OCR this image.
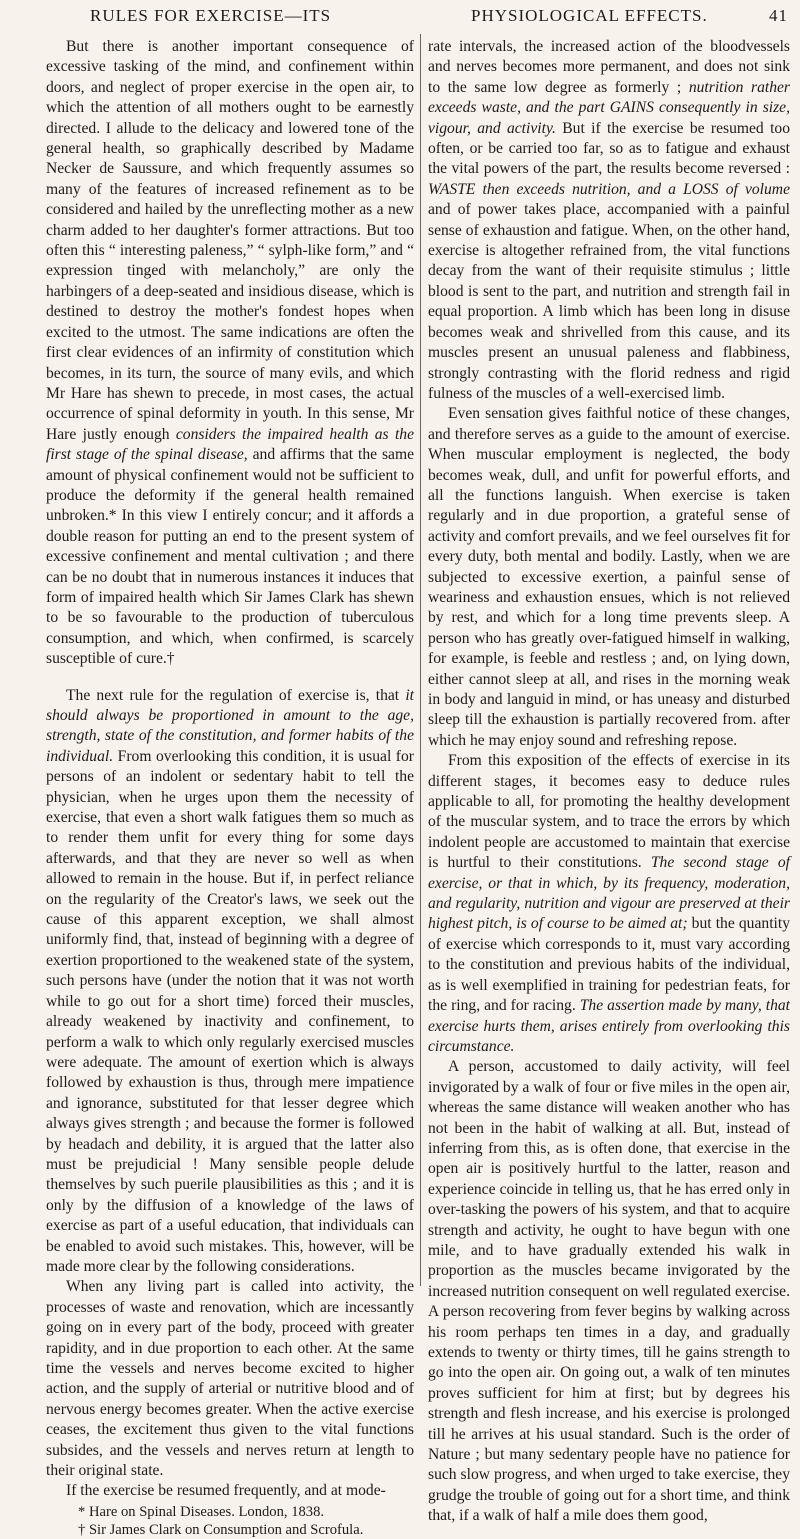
RULES FOR EXERCISE—ITS	PHYSIOLOGICAL EFFECTS.	41

But there is another important consequence of excessive tasking of the mind, and confinement within doors, and neglect of proper exercise in the open air, to which the attention of all mothers ought to be earnestly directed. I allude to the delicacy and lowered tone of the general health, so graphically described by Madame Necker de Saussure, and which frequently assumes so many of the features of increased refinement as to be considered and hailed by the unreflecting mother as a new charm added to her daughter's former attractions. But too often this “ interesting paleness,” “ sylph-like form,” and “ expression tinged with melancholy,” are only the harbingers of a deep-seated and insidious disease, which is destined to destroy the mother's fondest hopes when excited to the utmost. The same indications are often the first clear evidences of an infirmity of constitution which becomes, in its turn, the source of many evils, and which Mr Hare has shewn to precede, in most cases, the actual occurrence of spinal deformity in youth. In this sense, Mr Hare justly enough considers the impaired health as the first stage of the spinal disease, and affirms that the same amount of physical confinement would not be sufficient to produce the deformity if the general health remained unbroken.* In this view I entirely concur; and it affords a double reason for putting an end to the present system of excessive confinement and mental cultivation ; and there can be no doubt that in numerous instances it induces that form of impaired health which Sir James Clark has shewn to be so favourable to the production of tuberculous consumption, and which, when confirmed, is scarcely susceptible of cure.†

The next rule for the regulation of exercise is, that it should always be proportioned in amount to the age, strength, state of the constitution, and former habits of the individual. From overlooking this condition, it is usual for persons of an indolent or sedentary habit to tell the physician, when he urges upon them the necessity of exercise, that even a short walk fatigues them so much as to render them unfit for every thing for some days afterwards, and that they are never so well as when allowed to remain in the house. But if, in perfect reliance on the regularity of the Creator's laws, we seek out the cause of this apparent exception, we shall almost uniformly find, that, instead of beginning with a degree of exertion proportioned to the weakened state of the system, such persons have (under the notion that it was not worth while to go out for a short time) forced their muscles, already weakened by inactivity and confinement, to perform a walk to which only regularly exercised muscles were adequate. The amount of exertion which is always followed by exhaustion is thus, through mere impatience and ignorance, substituted for that lesser degree which always gives strength ; and because the former is followed by headach and debility, it is argued that the latter also must be prejudicial ! Many sensible people delude themselves by such puerile plausibilities as this ; and it is only by the diffusion of a knowledge of the laws of exercise as part of a useful education, that individuals can be enabled to avoid such mistakes. This, however, will be made more clear by the following considerations.

When any living part is called into activity, the processes of waste and renovation, which are incessantly going on in every part of the body, proceed with greater rapidity, and in due proportion to each other. At the same time the vessels and nerves become excited to higher action, and the supply of arterial or nutritive blood and of nervous energy becomes greater. When the active exercise ceases, the excitement thus given to the vital functions subsides, and the vessels and nerves return at length to their original state.

If the exercise be resumed frequently, and at mode-

* Hare on Spinal Diseases. London, 1838.
† Sir James Clark on Consumption and Scrofula.

rate intervals, the increased action of the bloodvessels and nerves becomes more permanent, and does not sink to the same low degree as formerly ; nutrition rather exceeds waste, and the part GAINS consequently in size, vigour, and activity. But if the exercise be resumed too often, or be carried too far, so as to fatigue and exhaust the vital powers of the part, the results become reversed : WASTE then exceeds nutrition, and a LOSS of volume and of power takes place, accompanied with a painful sense of exhaustion and fatigue. When, on the other hand, exercise is altogether refrained from, the vital functions decay from the want of their requisite stimulus ; little blood is sent to the part, and nutrition and strength fail in equal proportion. A limb which has been long in disuse becomes weak and shrivelled from this cause, and its muscles present an unusual paleness and flabbiness, strongly contrasting with the florid redness and rigid fulness of the muscles of a well-exercised limb.

Even sensation gives faithful notice of these changes, and therefore serves as a guide to the amount of exercise. When muscular employment is neglected, the body becomes weak, dull, and unfit for powerful efforts, and all the functions languish. When exercise is taken regularly and in due proportion, a grateful sense of activity and comfort prevails, and we feel ourselves fit for every duty, both mental and bodily. Lastly, when we are subjected to excessive exertion, a painful sense of weariness and exhaustion ensues, which is not relieved by rest, and which for a long time prevents sleep. A person who has greatly over-fatigued himself in walking, for example, is feeble and restless ; and, on lying down, either cannot sleep at all, and rises in the morning weak in body and languid in mind, or has uneasy and disturbed sleep till the exhaustion is partially recovered from. after which he may enjoy sound and refreshing repose.

From this exposition of the effects of exercise in its different stages, it becomes easy to deduce rules applicable to all, for promoting the healthy development of the muscular system, and to trace the errors by which indolent people are accustomed to maintain that exercise is hurtful to their constitutions. The second stage of exercise, or that in which, by its frequency, moderation, and regularity, nutrition and vigour are preserved at their highest pitch, is of course to be aimed at; but the quantity of exercise which corresponds to it, must vary according to the constitution and previous habits of the individual, as is well exemplified in training for pedestrian feats, for the ring, and for racing. The assertion made by many, that exercise hurts them, arises entirely from overlooking this circumstance.

A person, accustomed to daily activity, will feel invigorated by a walk of four or five miles in the open air, whereas the same distance will weaken another who has not been in the habit of walking at all. But, instead of inferring from this, as is often done, that exercise in the open air is positively hurtful to the latter, reason and experience coincide in telling us, that he has erred only in over-tasking the powers of his system, and that to acquire strength and activity, he ought to have begun with one mile, and to have gradually extended his walk in proportion as the muscles became invigorated by the increased nutrition consequent on well regulated exercise. A person recovering from fever begins by walking across his room perhaps ten times in a day, and gradually extends to twenty or thirty times, till he gains strength to go into the open air. On going out, a walk of ten minutes proves sufficient for him at first; but by degrees his strength and flesh increase, and his exercise is prolonged till he arrives at his usual standard. Such is the order of Nature ; but many sedentary people have no patience for such slow progress, and when urged to take exercise, they grudge the trouble of going out for a short time, and think that, if a walk of half a mile does them good,
